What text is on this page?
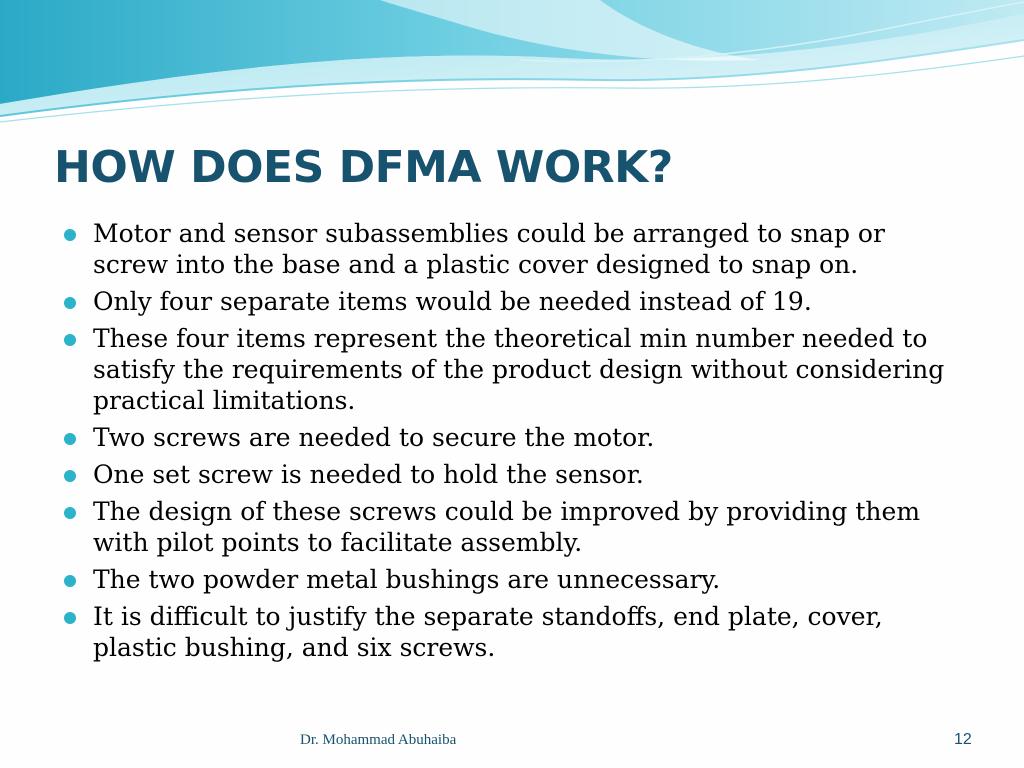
HOW DOES DFMA WORK?
Motor and sensor subassemblies could be arranged to snap or screw into the base and a plastic cover designed to snap on.
Only four separate items would be needed instead of 19.
These four items represent the theoretical min number needed to satisfy the requirements of the product design without considering practical limitations.
Two screws are needed to secure the motor.
One set screw is needed to hold the sensor.
The design of these screws could be improved by providing them with pilot points to facilitate assembly.
The two powder metal bushings are unnecessary.
It is difficult to justify the separate standoffs, end plate, cover, plastic bushing, and six screws.
Dr. Mohammad Abuhaiba	12
